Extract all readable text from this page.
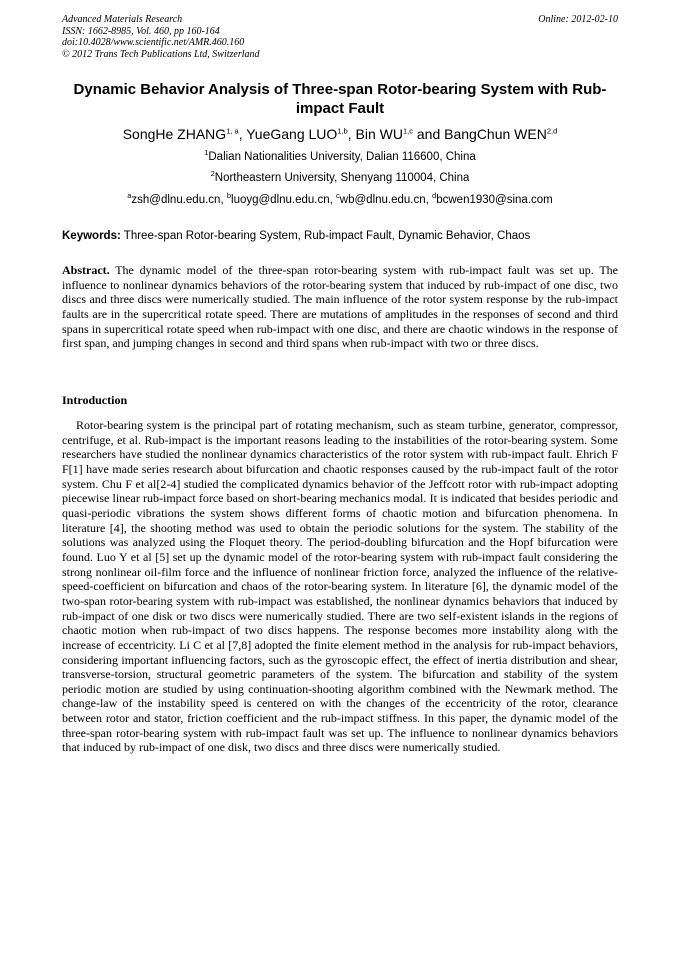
Advanced Materials Research
ISSN: 1662-8985, Vol. 460, pp 160-164
doi:10.4028/www.scientific.net/AMR.460.160
© 2012 Trans Tech Publications Ltd, Switzerland
Online: 2012-02-10
Dynamic Behavior Analysis of Three-span Rotor-bearing System with Rub-impact Fault
SongHe ZHANG$^{1, a}$, YueGang LUO$^{1,b}$, Bin WU$^{1,c}$ and BangChun WEN$^{2,d}$
$^1$Dalian Nationalities University, Dalian 116600, China
$^2$Northeastern University, Shenyang 110004, China
$^a$zsh@dlnu.edu.cn, $^b$luoyg@dlnu.edu.cn, $^c$wb@dlnu.edu.cn, $^d$bcwen1930@sina.com
Keywords: Three-span Rotor-bearing System, Rub-impact Fault, Dynamic Behavior, Chaos
Abstract. The dynamic model of the three-span rotor-bearing system with rub-impact fault was set up. The influence to nonlinear dynamics behaviors of the rotor-bearing system that induced by rub-impact of one disc, two discs and three discs were numerically studied. The main influence of the rotor system response by the rub-impact faults are in the supercritical rotate speed. There are mutations of amplitudes in the responses of second and third spans in supercritical rotate speed when rub-impact with one disc, and there are chaotic windows in the response of first span, and jumping changes in second and third spans when rub-impact with two or three discs.
Introduction
Rotor-bearing system is the principal part of rotating mechanism, such as steam turbine, generator, compressor, centrifuge, et al. Rub-impact is the important reasons leading to the instabilities of the rotor-bearing system. Some researchers have studied the nonlinear dynamics characteristics of the rotor system with rub-impact fault. Ehrich F F[1] have made series research about bifurcation and chaotic responses caused by the rub-impact fault of the rotor system. Chu F et al[2-4] studied the complicated dynamics behavior of the Jeffcott rotor with rub-impact adopting piecewise linear rub-impact force based on short-bearing mechanics modal. It is indicated that besides periodic and quasi-periodic vibrations the system shows different forms of chaotic motion and bifurcation phenomena. In literature [4], the shooting method was used to obtain the periodic solutions for the system. The stability of the solutions was analyzed using the Floquet theory. The period-doubling bifurcation and the Hopf bifurcation were found. Luo Y et al [5] set up the dynamic model of the rotor-bearing system with rub-impact fault considering the strong nonlinear oil-film force and the influence of nonlinear friction force, analyzed the influence of the relative-speed-coefficient on bifurcation and chaos of the rotor-bearing system. In literature [6], the dynamic model of the two-span rotor-bearing system with rub-impact was established, the nonlinear dynamics behaviors that induced by rub-impact of one disk or two discs were numerically studied. There are two self-existent islands in the regions of chaotic motion when rub-impact of two discs happens. The response becomes more instability along with the increase of eccentricity. Li C et al [7,8] adopted the finite element method in the analysis for rub-impact behaviors, considering important influencing factors, such as the gyroscopic effect, the effect of inertia distribution and shear, transverse-torsion, structural geometric parameters of the system. The bifurcation and stability of the system periodic motion are studied by using continuation-shooting algorithm combined with the Newmark method. The change-law of the instability speed is centered on with the changes of the eccentricity of the rotor, clearance between rotor and stator, friction coefficient and the rub-impact stiffness. In this paper, the dynamic model of the three-span rotor-bearing system with rub-impact fault was set up. The influence to nonlinear dynamics behaviors that induced by rub-impact of one disk, two discs and three discs were numerically studied.
